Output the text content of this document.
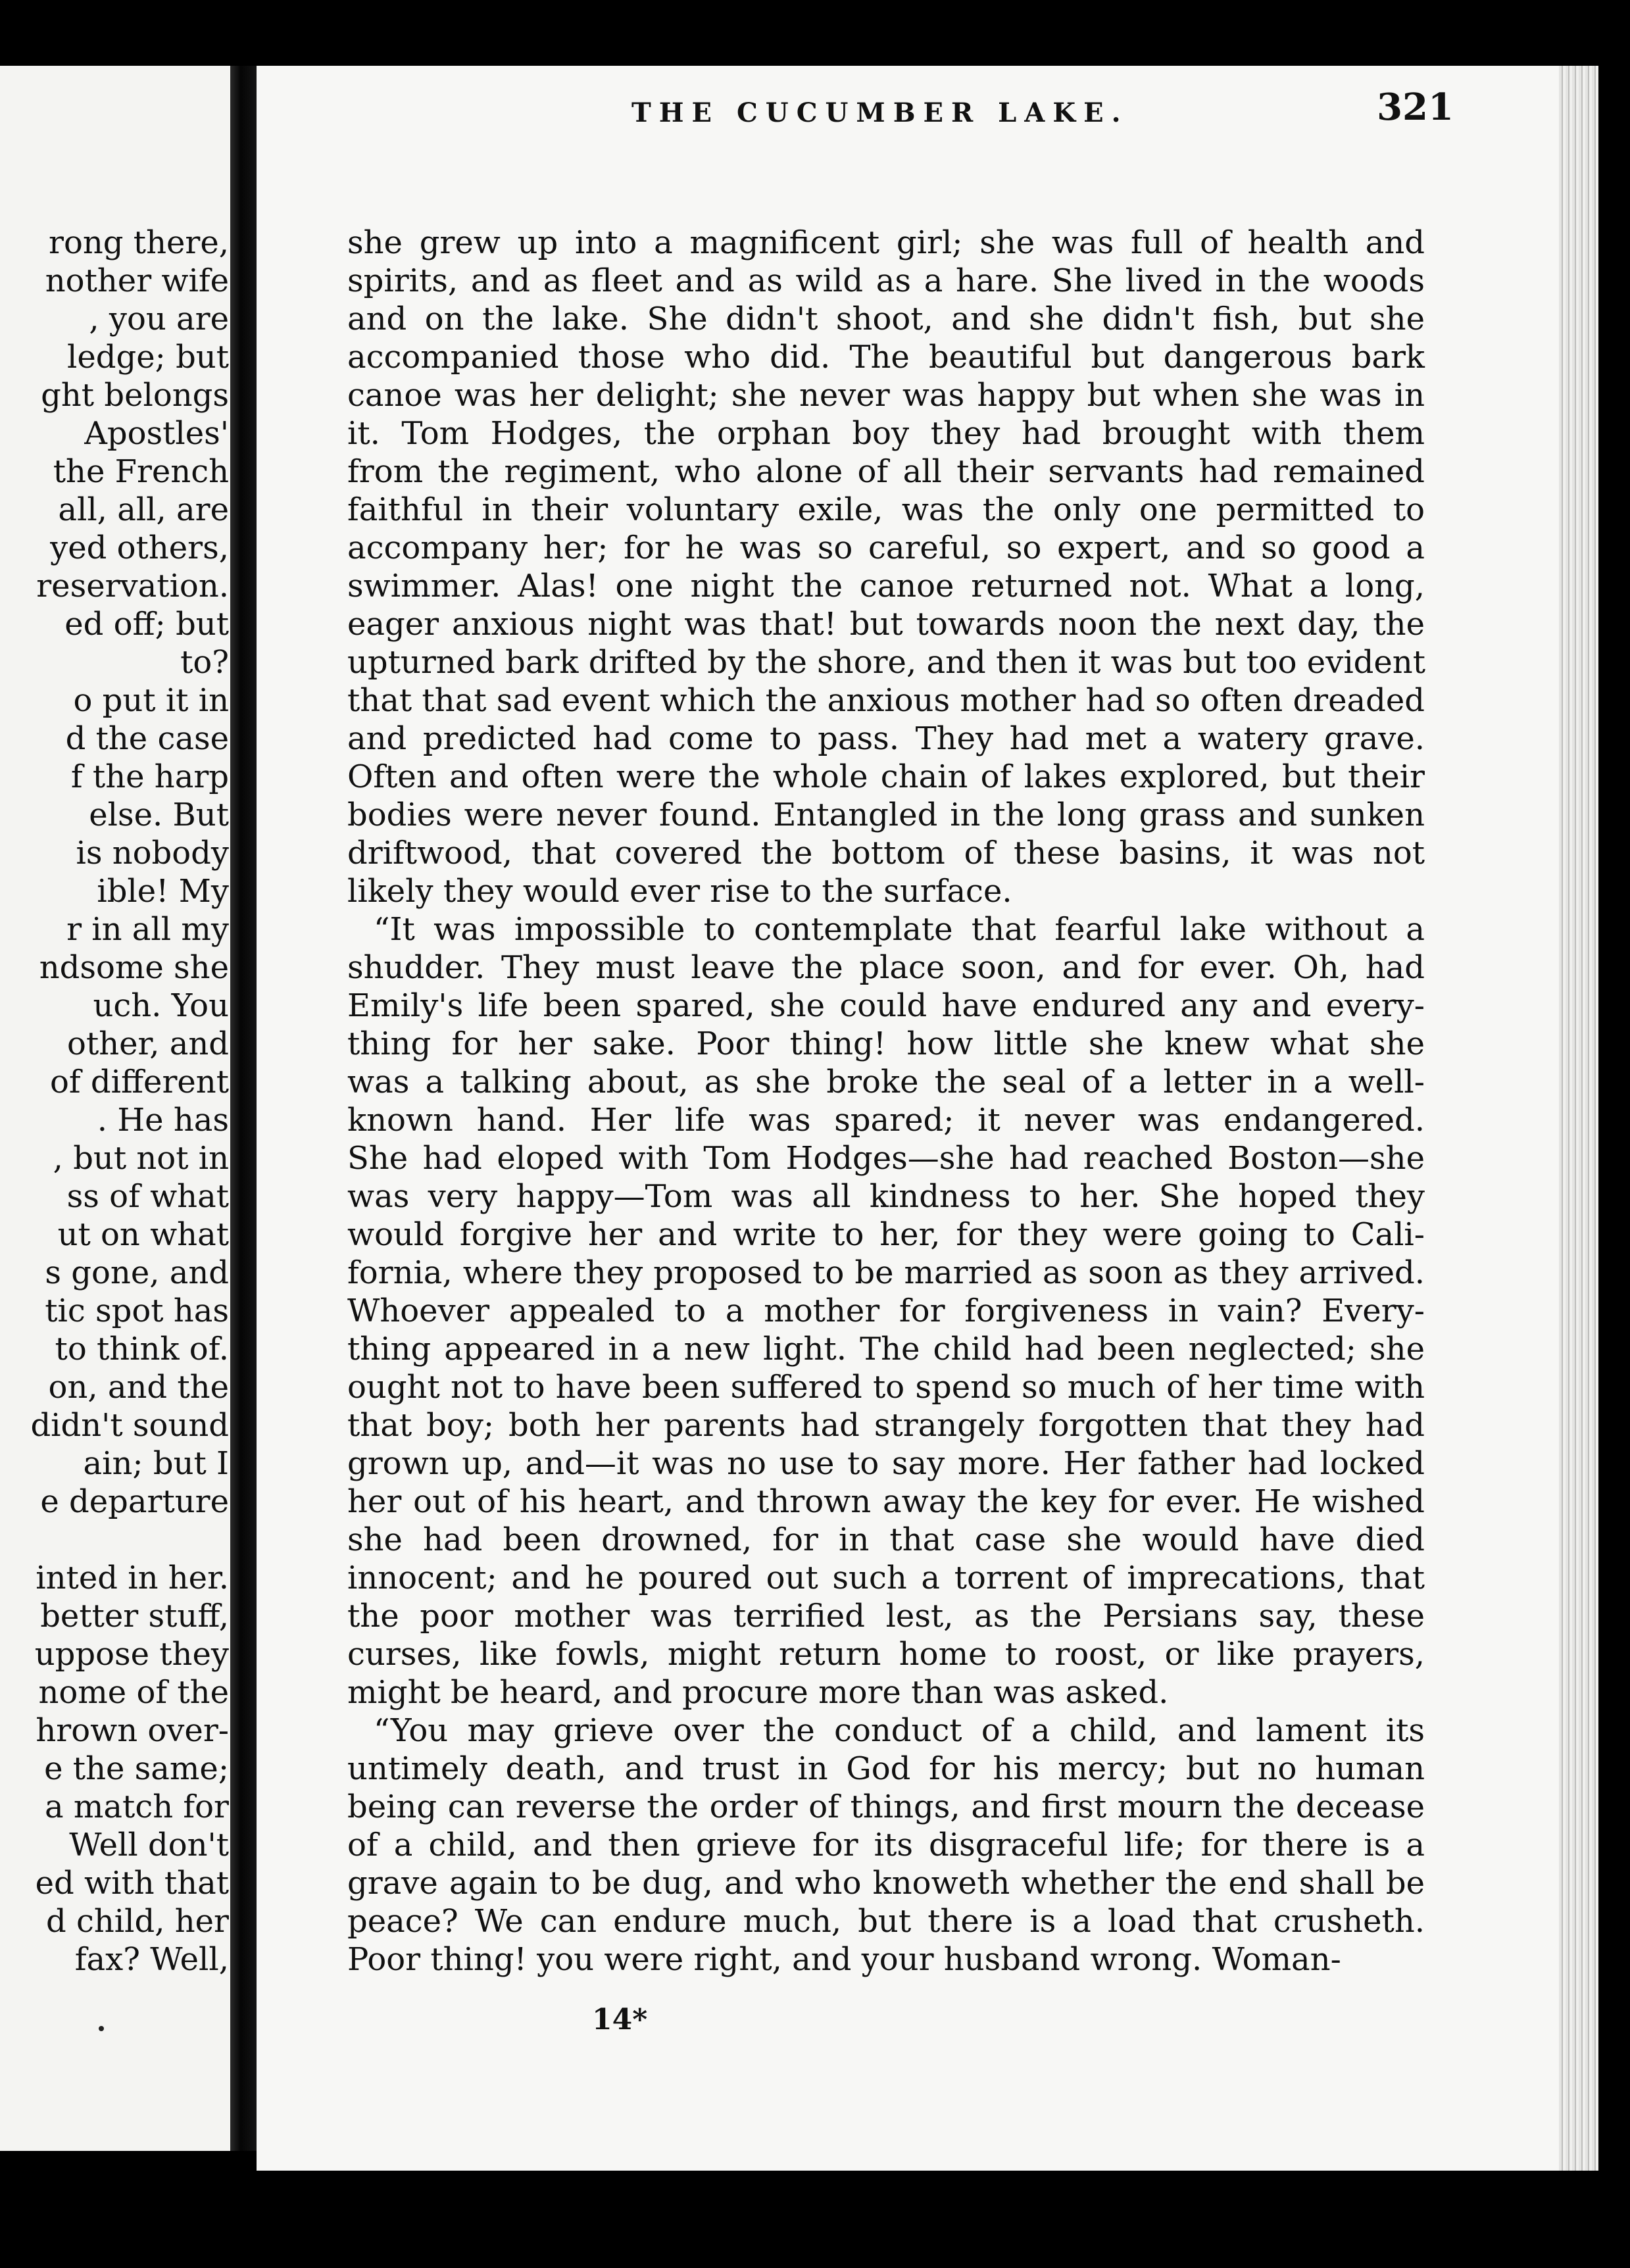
rong there,
nother wife
, you are
ledge; but
ght belongs
Apostles'
the French
all, all, are
yed others,
reservation.
ed off; but
to?
o put it in
d the case
f the harp
else. But
is nobody
ible! My
r in all my
ndsome she
uch. You
other, and
of different
. He has
, but not in
ss of what
ut on what
s gone, and
tic spot has
to think of.
on, and the
didn't sound
ain; but I
e departure
inted in her.
better stuff,
uppose they
nome of the
hrown over-
e the same;
a match for
Well don't
ed with that
d child, her
fax? Well,
THE CUCUMBER LAKE.	321
she grew up into a magnificent girl; she was full of health and
spirits, and as fleet and as wild as a hare. She lived in the woods
and on the lake. She didn't shoot, and she didn't fish, but she
accompanied those who did. The beautiful but dangerous bark
canoe was her delight; she never was happy but when she was in
it. Tom Hodges, the orphan boy they had brought with them
from the regiment, who alone of all their servants had remained
faithful in their voluntary exile, was the only one permitted to
accompany her; for he was so careful, so expert, and so good a
swimmer. Alas! one night the canoe returned not. What a long,
eager anxious night was that! but towards noon the next day, the
upturned bark drifted by the shore, and then it was but too evident
that that sad event which the anxious mother had so often dreaded
and predicted had come to pass. They had met a watery grave.
Often and often were the whole chain of lakes explored, but their
bodies were never found. Entangled in the long grass and sunken
driftwood, that covered the bottom of these basins, it was not
likely they would ever rise to the surface.
“It was impossible to contemplate that fearful lake without a
shudder. They must leave the place soon, and for ever. Oh, had
Emily's life been spared, she could have endured any and every-
thing for her sake. Poor thing! how little she knew what she
was a talking about, as she broke the seal of a letter in a well-
known hand. Her life was spared; it never was endangered.
She had eloped with Tom Hodges—she had reached Boston—she
was very happy—Tom was all kindness to her. She hoped they
would forgive her and write to her, for they were going to Cali-
fornia, where they proposed to be married as soon as they arrived.
Whoever appealed to a mother for forgiveness in vain? Every-
thing appeared in a new light. The child had been neglected; she
ought not to have been suffered to spend so much of her time with
that boy; both her parents had strangely forgotten that they had
grown up, and—it was no use to say more. Her father had locked
her out of his heart, and thrown away the key for ever. He wished
she had been drowned, for in that case she would have died
innocent; and he poured out such a torrent of imprecations, that
the poor mother was terrified lest, as the Persians say, these
curses, like fowls, might return home to roost, or like prayers,
might be heard, and procure more than was asked.
“You may grieve over the conduct of a child, and lament its
untimely death, and trust in God for his mercy; but no human
being can reverse the order of things, and first mourn the decease
of a child, and then grieve for its disgraceful life; for there is a
grave again to be dug, and who knoweth whether the end shall be
peace? We can endure much, but there is a load that crusheth.
Poor thing! you were right, and your husband wrong. Woman-
14*
